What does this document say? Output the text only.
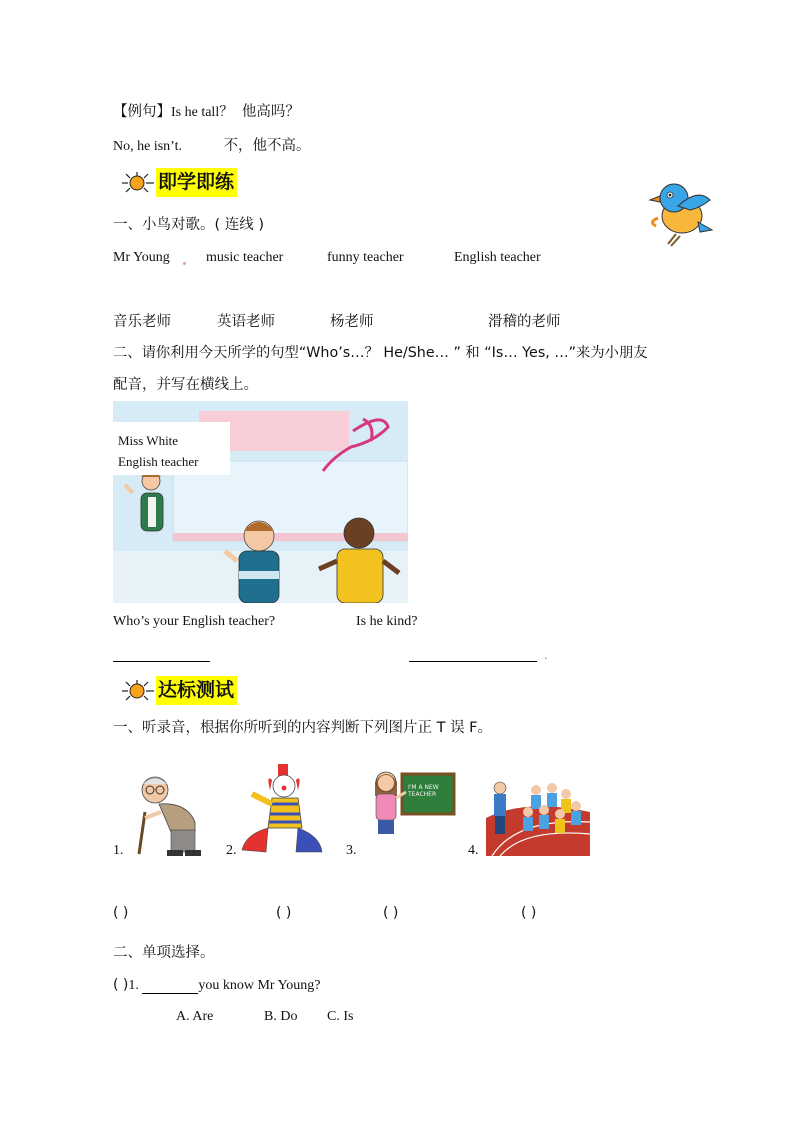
【例句】Is he tall？ 他高吗？
No, he isn’t.	不，他不高。
即学即练
一、小鸟对歌。( 连线 )
Mr Young	music teacher	funny teacher	English teacher
音乐老师	英语老师	杨老师	滑稽的老师
二、请你利用今天所学的句型“Who’s…？ He/She… ” 和 “Is… Yes, …”来为小朋友
配音，并写在横线上。
Miss White
English teacher
Who’s your English teacher?	Is he kind?
.
达标测试
一、听录音，根据你所听到的内容判断下列图片正 T 误 F。
1.	2.
I'M A NEW TEACHER
3.	4.
( )	( )	( )	( )
二、单项选择。
( )1.	you know Mr Young?
A. Are	B. Do C. Is
